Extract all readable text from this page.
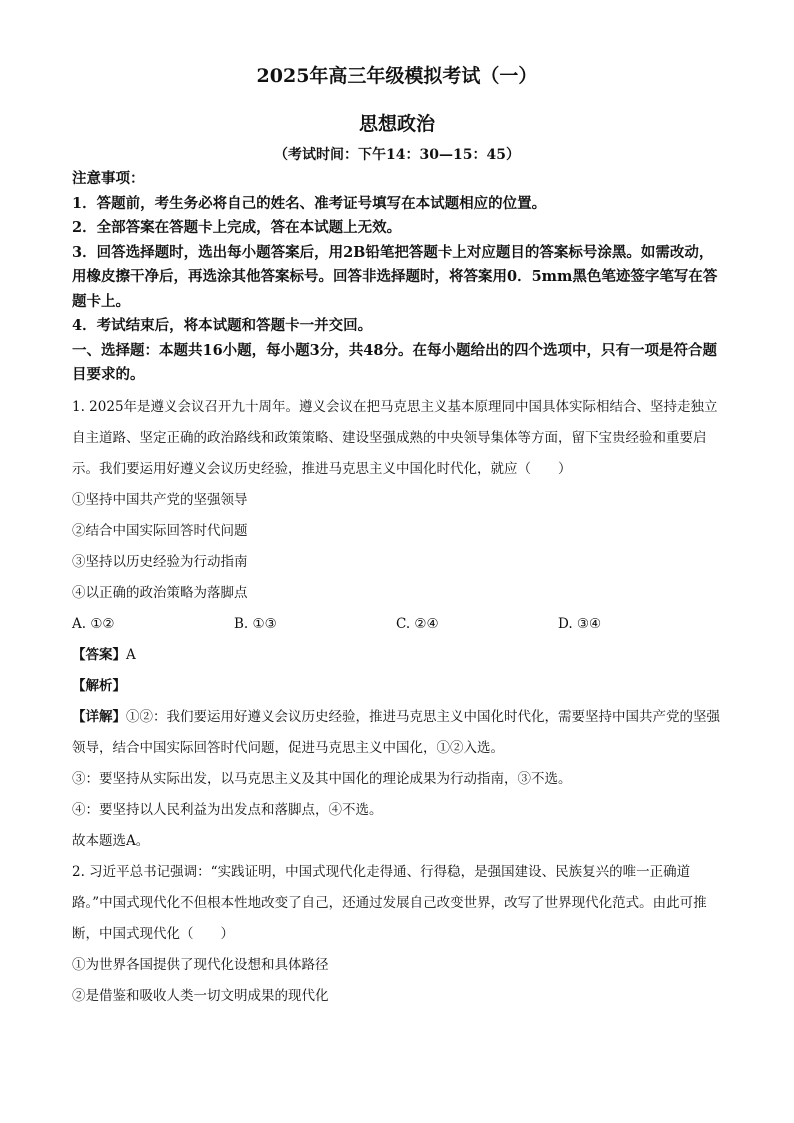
2025年高三年级模拟考试（一）
思想政治
（考试时间：下午14：30—15：45）

注意事项：

1．答题前，考生务必将自己的姓名、准考证号填写在本试题相应的位置。

2．全部答案在答题卡上完成，答在本试题上无效。

3．回答选择题时，选出每小题答案后，用2B铅笔把答题卡上对应题目的答案标号涂黑。如需改动，用橡皮擦干净后，再选涂其他答案标号。回答非选择题时，将答案用0．5mm黑色笔迹签字笔写在答题卡上。

4．考试结束后，将本试题和答题卡一并交回。

一、选择题：本题共16小题，每小题3分，共48分。在每小题给出的四个选项中，只有一项是符合题目要求的。

1. 2025年是遵义会议召开九十周年。遵义会议在把马克思主义基本原理同中国具体实际相结合、坚持走独立自主道路、坚定正确的政治路线和政策策略、建设坚强成熟的中央领导集体等方面，留下宝贵经验和重要启示。我们要运用好遵义会议历史经验，推进马克思主义中国化时代化，就应（　　）

①坚持中国共产党的坚强领导

②结合中国实际回答时代问题

③坚持以历史经验为行动指南

④以正确的政治策略为落脚点

A. ①②	B. ①③	C. ②④	D. ③④

【答案】A

【解析】

【详解】①②：我们要运用好遵义会议历史经验，推进马克思主义中国化时代化，需要坚持中国共产党的坚强领导，结合中国实际回答时代问题，促进马克思主义中国化，①②入选。

③：要坚持从实际出发，以马克思主义及其中国化的理论成果为行动指南，③不选。

④：要坚持以人民利益为出发点和落脚点，④不选。

故本题选A。

2. 习近平总书记强调：“实践证明，中国式现代化走得通、行得稳，是强国建设、民族复兴的唯一正确道路。”中国式现代化不但根本性地改变了自己，还通过发展自己改变世界，改写了世界现代化范式。由此可推断，中国式现代化（　　）

①为世界各国提供了现代化设想和具体路径

②是借鉴和吸收人类一切文明成果的现代化
